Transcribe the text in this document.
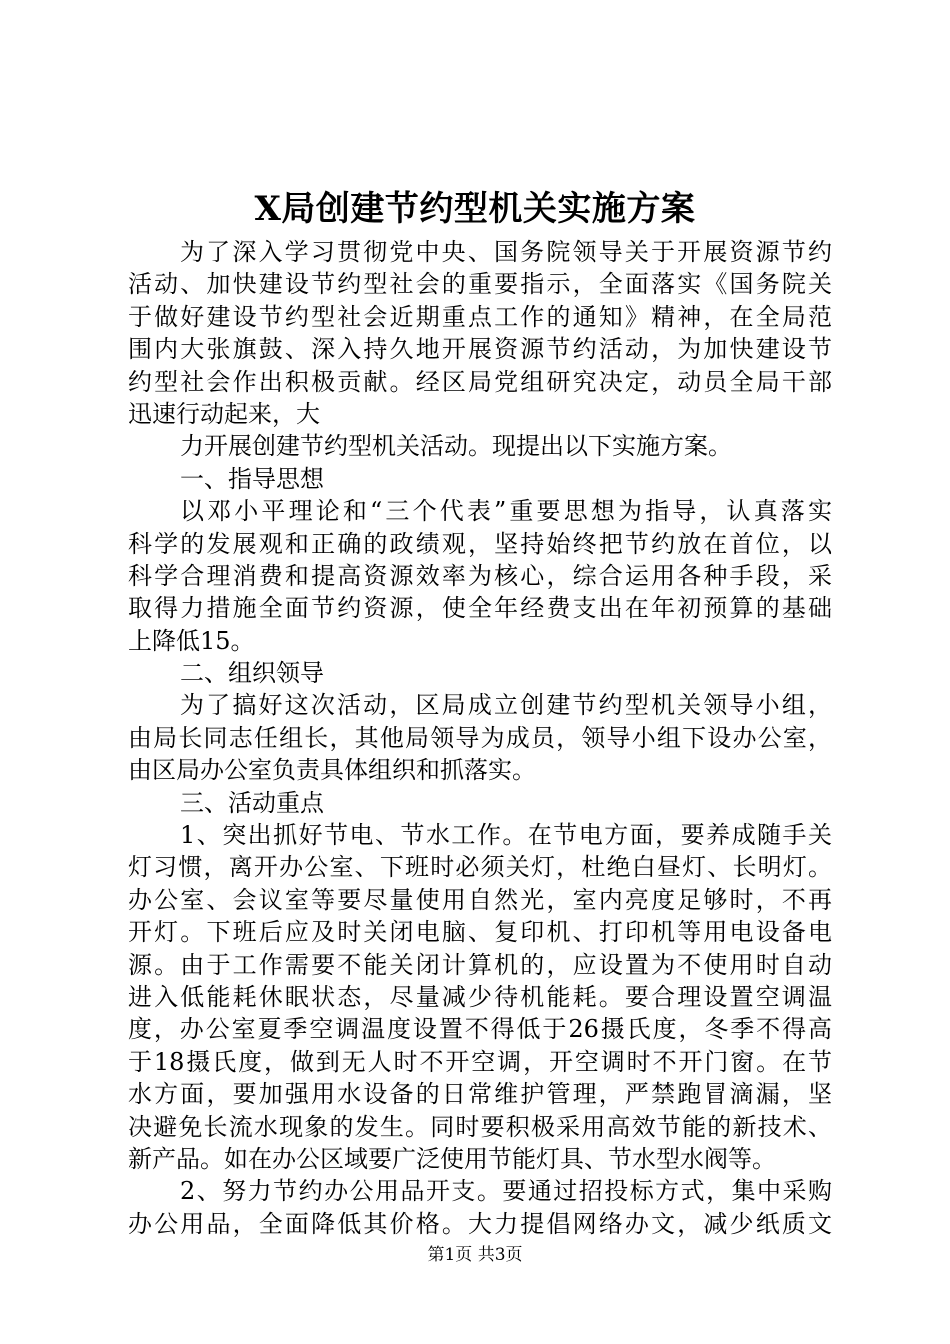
X局创建节约型机关实施方案
为了深入学习贯彻党中央、国务院领导关于开展资源节约
活动、加快建设节约型社会的重要指示，全面落实《国务院关
于做好建设节约型社会近期重点工作的通知》精神，在全局范
围内大张旗鼓、深入持久地开展资源节约活动，为加快建设节
约型社会作出积极贡献。经区局党组研究决定，动员全局干部
迅速行动起来，大
力开展创建节约型机关活动。现提出以下实施方案。
一、指导思想
以邓小平理论和“三个代表”重要思想为指导，认真落实
科学的发展观和正确的政绩观，坚持始终把节约放在首位，以
科学合理消费和提高资源效率为核心，综合运用各种手段，采
取得力措施全面节约资源，使全年经费支出在年初预算的基础
上降低15。
二、组织领导
为了搞好这次活动，区局成立创建节约型机关领导小组，
由局长同志任组长，其他局领导为成员，领导小组下设办公室，
由区局办公室负责具体组织和抓落实。
三、活动重点
1、突出抓好节电、节水工作。在节电方面，要养成随手关
灯习惯，离开办公室、下班时必须关灯，杜绝白昼灯、长明灯。
办公室、会议室等要尽量使用自然光，室内亮度足够时，不再
开灯。下班后应及时关闭电脑、复印机、打印机等用电设备电
源。由于工作需要不能关闭计算机的，应设置为不使用时自动
进入低能耗休眠状态，尽量减少待机能耗。要合理设置空调温
度，办公室夏季空调温度设置不得低于26摄氏度，冬季不得高
于18摄氏度，做到无人时不开空调，开空调时不开门窗。在节
水方面，要加强用水设备的日常维护管理，严禁跑冒滴漏，坚
决避免长流水现象的发生。同时要积极采用高效节能的新技术、
新产品。如在办公区域要广泛使用节能灯具、节水型水阀等。
2、努力节约办公用品开支。要通过招投标方式，集中采购
办公用品，全面降低其价格。大力提倡网络办文，减少纸质文
第1页 共3页
